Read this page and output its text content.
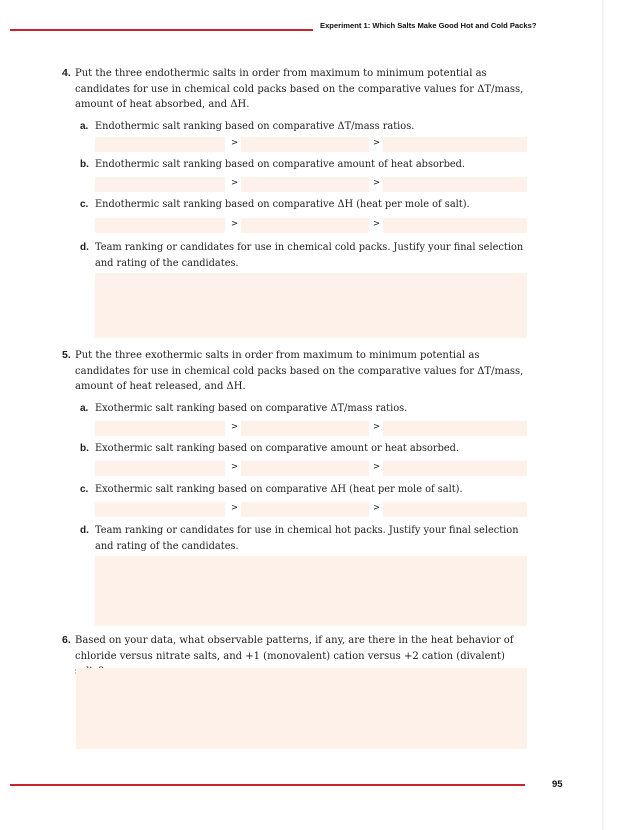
Experiment 1: Which Salts Make Good Hot and Cold Packs?
4. Put the three endothermic salts in order from maximum to minimum potential as candidates for use in chemical cold packs based on the comparative values for ΔT/mass, amount of heat absorbed, and ΔH.
a. Endothermic salt ranking based on comparative ΔT/mass ratios.
>	>
b. Endothermic salt ranking based on comparative amount of heat absorbed.
>	>
c. Endothermic salt ranking based on comparative ΔH (heat per mole of salt).
>	>
d. Team ranking or candidates for use in chemical cold packs. Justify your final selection and rating of the candidates.
5. Put the three exothermic salts in order from maximum to minimum potential as candidates for use in chemical cold packs based on the comparative values for ΔT/mass, amount of heat released, and ΔH.
a. Exothermic salt ranking based on comparative ΔT/mass ratios.
>	>
b. Exothermic salt ranking based on comparative amount or heat absorbed.
>	>
c. Exothermic salt ranking based on comparative ΔH (heat per mole of salt).
>	>
d. Team ranking or candidates for use in chemical hot packs. Justify your final selection and rating of the candidates.
6. Based on your data, what observable patterns, if any, are there in the heat behavior of chloride versus nitrate salts, and +1 (monovalent) cation versus +2 cation (divalent)
95
